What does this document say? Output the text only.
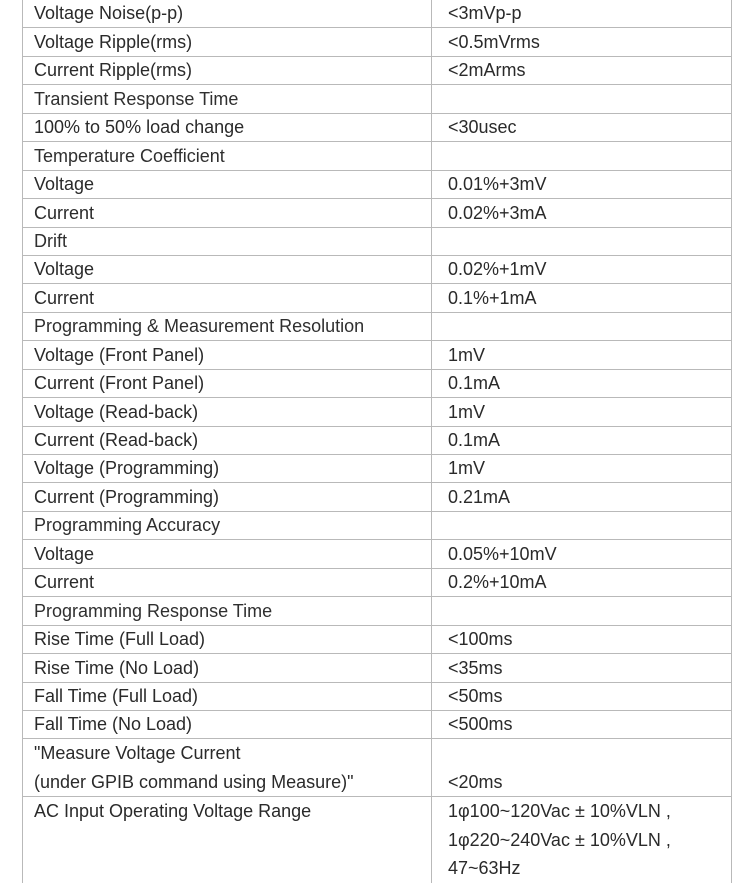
Voltage Noise(p-p)	<3mVp-p
Voltage Ripple(rms)	<0.5mVrms
Current Ripple(rms)	<2mArms
Transient Response Time	
100% to 50% load change	<30usec
Temperature Coefficient	
Voltage	0.01%+3mV
Current	0.02%+3mA
Drift	
Voltage	0.02%+1mV
Current	0.1%+1mA
Programming & Measurement Resolution	
Voltage (Front Panel)	1mV
Current (Front Panel)	0.1mA
Voltage (Read-back)	1mV
Current (Read-back)	0.1mA
Voltage (Programming)	1mV
Current (Programming)	0.21mA
Programming Accuracy	
Voltage	0.05%+10mV
Current	0.2%+10mA
Programming Response Time	
Rise Time (Full Load)	<100ms
Rise Time (No Load)	<35ms
Fall Time (Full Load)	<50ms
Fall Time (No Load)	<500ms

"Measure Voltage Current
(under GPIB command using Measure)"	<20ms

AC Input Operating Voltage Range	1φ100~120Vac ± 10%VLN ,
1φ220~240Vac ± 10%VLN ,
47~63Hz
